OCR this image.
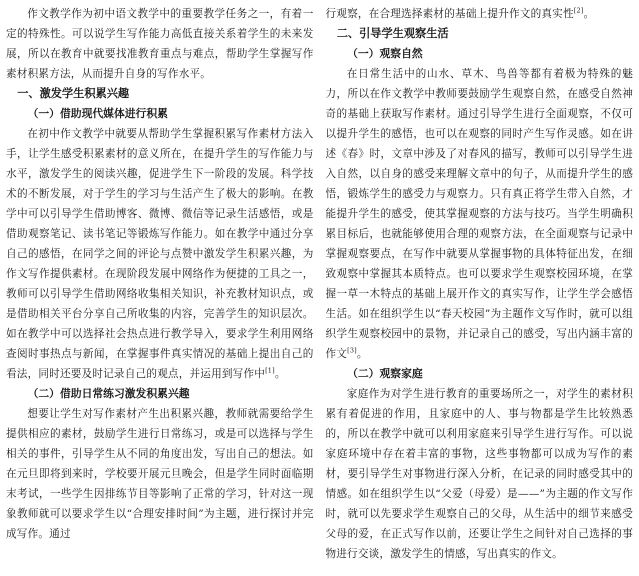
作文教学作为初中语文教学中的重要教学任务之一，有着一定的特殊性。可以说学生写作能力高低直接关系着学生的未来发展，所以在教育中就要找准教育重点与难点，帮助学生掌握写作素材积累方法，从而提升自身的写作水平。

一、激发学生积累兴趣
（一）借助现代媒体进行积累

在初中作文教学中就要从帮助学生掌握积累写作素材方法入手，让学生感受积累素材的意义所在，在提升学生的写作能力与水平，激发学生的阅读兴趣，促进学生下一阶段的发展。科学技术的不断发展，对于学生的学习与生活产生了极大的影响。在教学中可以引导学生借助博客、微博、微信等记录生活感悟，或是借助观察笔记、读书笔记等锻炼写作能力。如在教学中通过分享自己的感悟，在同学之间的评论与点赞中激发学生积累兴趣，为作文写作提供素材。在现阶段发展中网络作为便捷的工具之一，教师可以引导学生借助网络收集相关知识，补充教材知识点，或是借助相关平台分享自己所收集的内容，完善学生的知识层次。如在教学中可以选择社会热点进行教学导入，要求学生利用网络查阅时事热点与新闻，在掌握事件真实情况的基础上提出自己的看法，同时还要及时记录自己的观点，并运用到写作中[1]。

（二）借助日常练习激发积累兴趣

想要让学生对写作素材产生出积累兴趣，教师就需要给学生提供相应的素材，鼓励学生进行日常练习，或是可以选择与学生相关的事件，引导学生从不同的角度出发，写出自己的想法。如在元旦即将到来时，学校要开展元旦晚会，但是学生同时面临期末考试，一些学生因排练节目等影响了正常的学习，针对这一现象教师就可以要求学生以“合理安排时间”为主题，进行探讨并完成写作。通过

行观察，在合理选择素材的基础上提升作文的真实性[2]。

二、引导学生观察生活
（一）观察自然

在日常生活中的山水、草木、鸟兽等都有着极为特殊的魅力，所以在作文教学中教师要鼓励学生观察自然，在感受自然神奇的基础上获取写作素材。通过引导学生进行全面观察，不仅可以提升学生的感悟，也可以在观察的同时产生写作灵感。如在讲述《春》时，文章中涉及了对春风的描写，教师可以引导学生进入自然，以自身的感受来理解文章中的句子，从而提升学生的感悟，锻炼学生的感受力与观察力。只有真正将学生带入自然，才能提升学生的感受，使其掌握观察的方法与技巧。当学生明确积累目标后，也就能够使用合理的观察方法，在全面观察与记录中掌握观察要点，在写作中就要从掌握事物的具体特征出发，在细致观察中掌握其本质特点。也可以要求学生观察校园环境，在掌握一草一木特点的基础上展开作文的真实写作，让学生学会感悟生活。如在组织学生以“春天校园”为主题作文写作时，就可以组织学生观察校园中的景物，并记录自己的感受，写出内涵丰富的作文[3]。

（二）观察家庭

家庭作为对学生进行教育的重要场所之一，对学生的素材积累有着促进的作用，且家庭中的人、事与物都是学生比较熟悉的，所以在教学中就可以利用家庭来引导学生进行写作。可以说家庭环境中存在着丰富的事物，这些事物都可以成为写作的素材，要引导学生对事物进行深入分析，在记录的同时感受其中的情感。如在组织学生以“父爱（母爱）是——”为主题的作文写作时，就可以先要求学生观察自己的父母，从生活中的细节来感受父母的爱，在正式写作以前，还要让学生之间针对自己选择的事物进行交谈，激发学生的情感，写出真实的作文。
